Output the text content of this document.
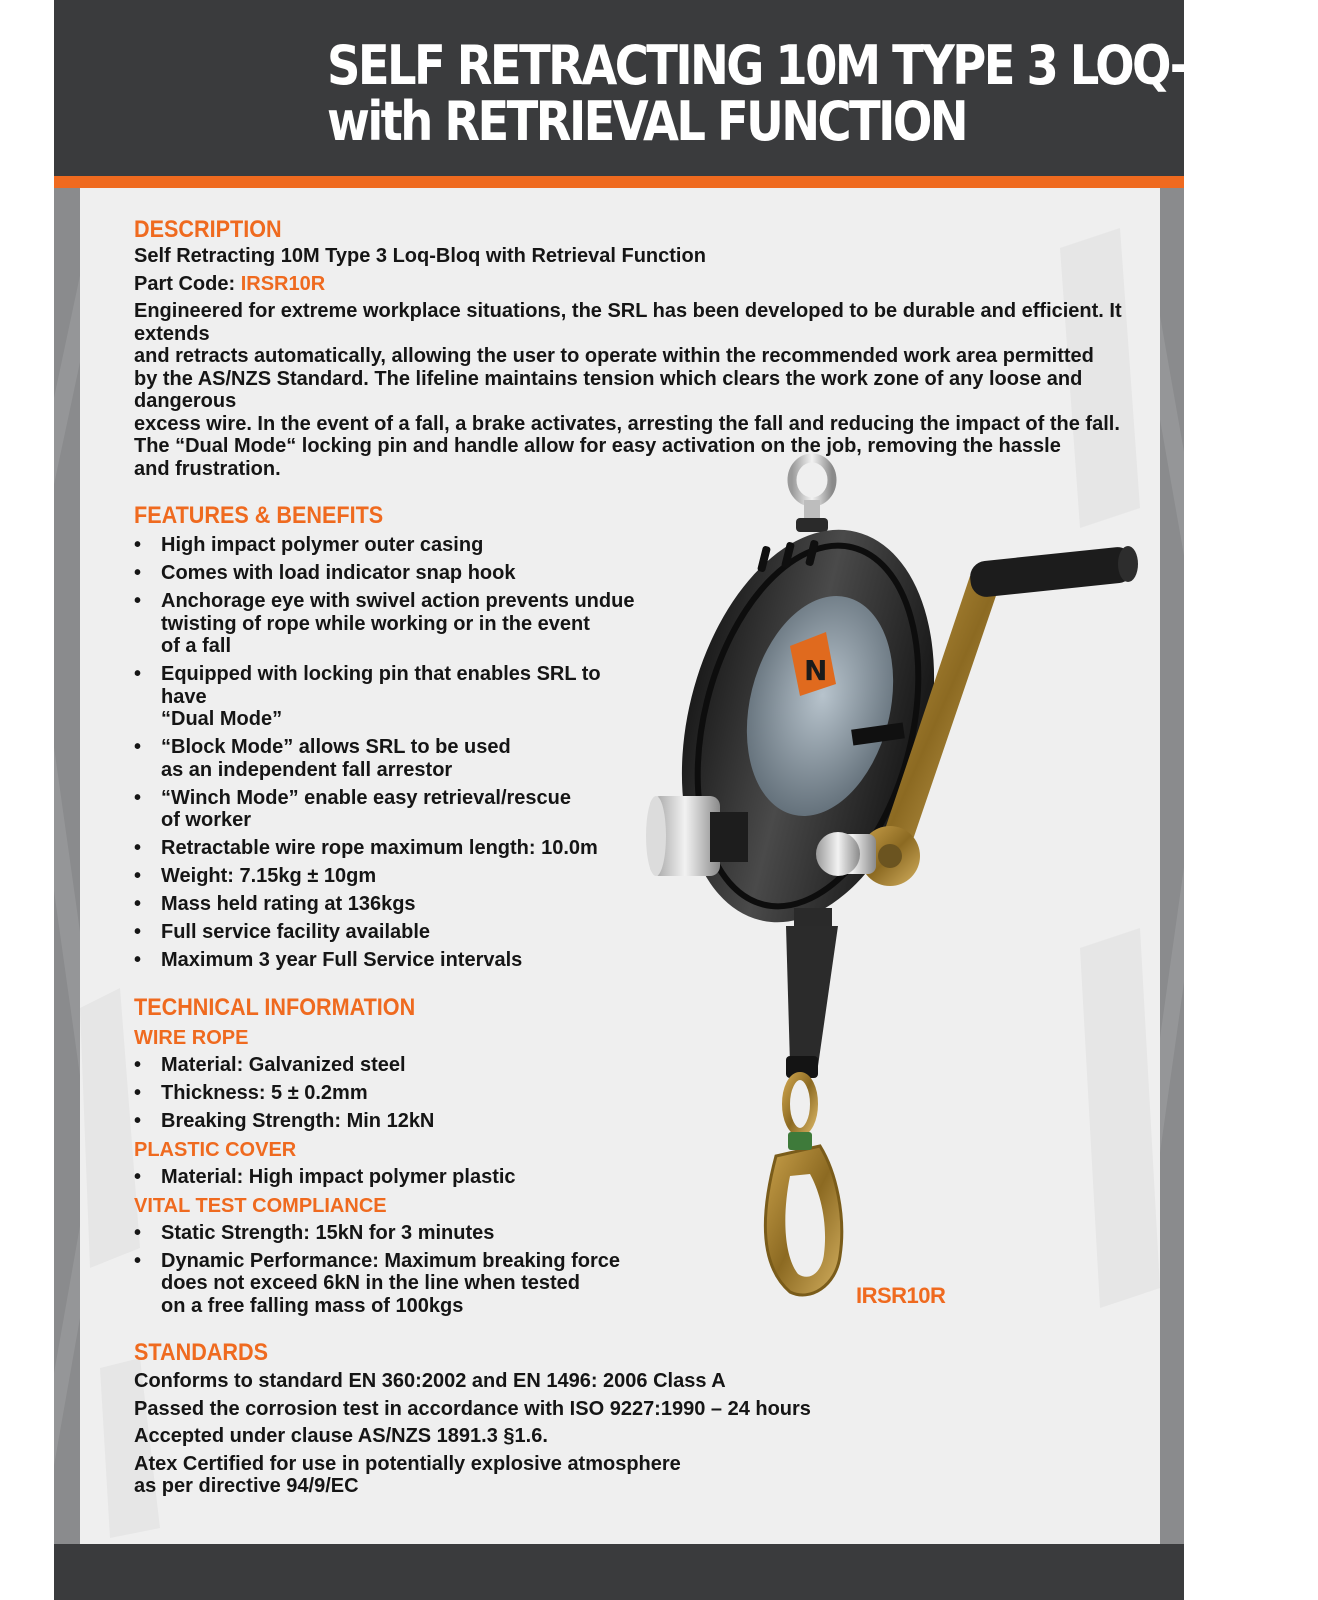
SELF RETRACTING 10M TYPE 3 LOQ-BLOQ
with RETRIEVAL FUNCTION
DESCRIPTION

Self Retracting 10M Type 3 Loq-Bloq with Retrieval Function

Part Code: IRSR10R

Engineered for extreme workplace situations, the SRL has been developed to be durable and efficient. It extends

and retracts automatically, allowing the user to operate within the recommended work area permitted

by the AS/NZS Standard. The lifeline maintains tension which clears the work zone of any loose and dangerous

excess wire. In the event of a fall, a brake activates, arresting the fall and reducing the impact of the fall.

The “Dual Mode“ locking pin and handle allow for easy activation on the job, removing the hassle

and frustration.

FEATURES & BENEFITS
• High impact polymer outer casing
• Comes with load indicator snap hook
• Anchorage eye with swivel action prevents undue
twisting of rope while working or in the event
of a fall
• Equipped with locking pin that enables SRL to have
“Dual Mode”
• “Block Mode” allows SRL to be used
as an independent fall arrestor
• “Winch Mode” enable easy retrieval/rescue
of worker
• Retractable wire rope maximum length: 10.0m
• Weight: 7.15kg ± 10gm
• Mass held rating at 136kgs
• Full service facility available
• Maximum 3 year Full Service intervals
TECHNICAL INFORMATION
WIRE ROPE
• Material: Galvanized steel
• Thickness: 5 ± 0.2mm
• Breaking Strength: Min 12kN
PLASTIC COVER
• Material: High impact polymer plastic
VITAL TEST COMPLIANCE
• Static Strength: 15kN for 3 minutes
• Dynamic Performance: Maximum breaking force
does not exceed 6kN in the line when tested
on a free falling mass of 100kgs
STANDARDS

Conforms to standard EN 360:2002 and EN 1496: 2006 Class A

Passed the corrosion test in accordance with ISO 9227:1990 – 24 hours

Accepted under clause AS/NZS 1891.3 §1.6.

Atex Certified for use in potentially explosive atmosphere

as per directive 94/9/EC

N

IRSR10R
